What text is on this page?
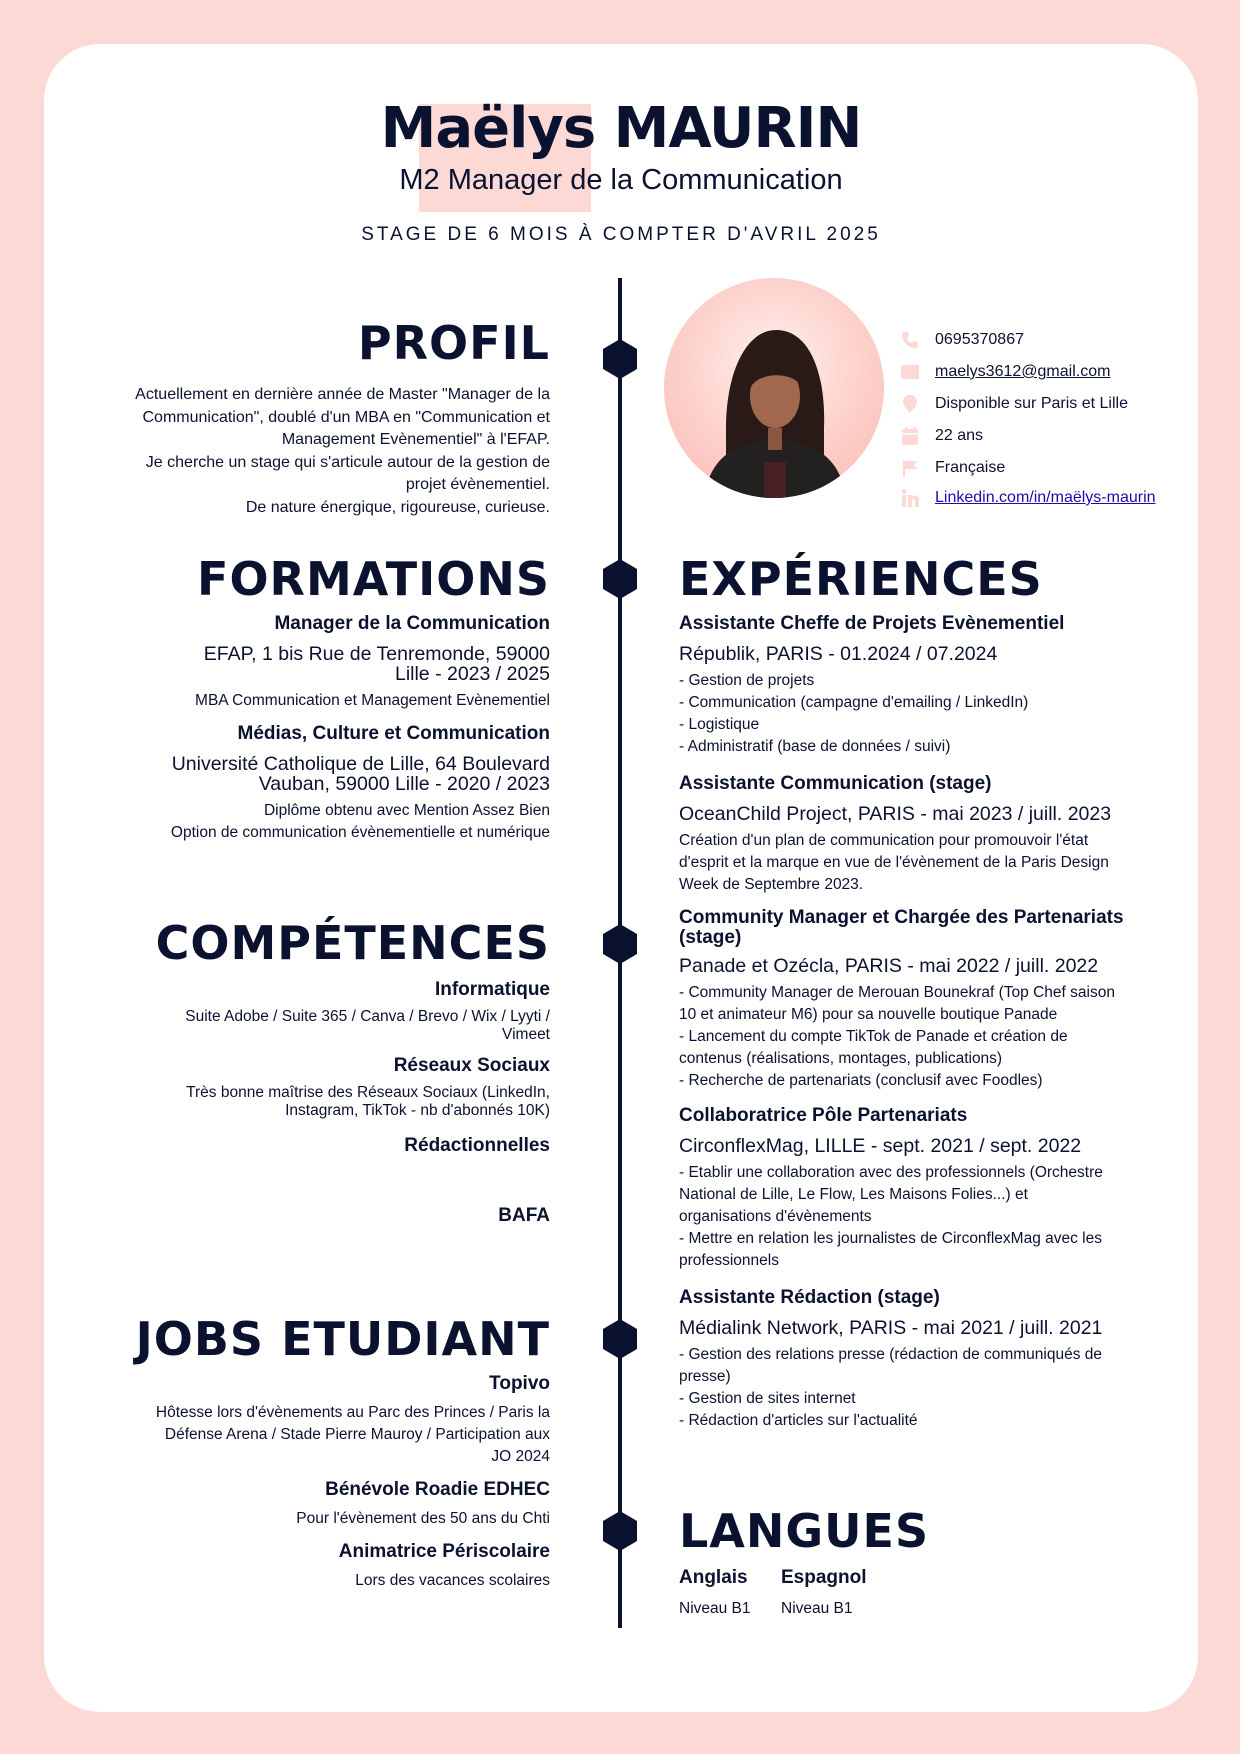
Maëlys MAURIN
M2 Manager de la Communication
STAGE DE 6 MOIS À COMPTER D'AVRIL 2025
0695370867
maelys3612@gmail.com
Disponible sur Paris et Lille
22 ans
Française
Linkedin.com/in/maëlys-maurin
PROFIL
Actuellement en dernière année de Master "Manager de la
Communication", doublé d'un MBA en "Communication et
Management Evènementiel" à l'EFAP.
Je cherche un stage qui s'articule autour de la gestion de
projet évènementiel.
De nature énergique, rigoureuse, curieuse.
FORMATIONS
Manager de la Communication
EFAP, 1 bis Rue de Tenremonde, 59000
Lille - 2023 / 2025
MBA Communication et Management Evènementiel
Médias, Culture et Communication
Université Catholique de Lille, 64 Boulevard
Vauban, 59000 Lille - 2020 / 2023
Diplôme obtenu avec Mention Assez Bien
Option de communication évènementielle et numérique
COMPÉTENCES
Informatique
Suite Adobe / Suite 365 / Canva / Brevo / Wix / Lyyti /
Vimeet
Réseaux Sociaux
Très bonne maîtrise des Réseaux Sociaux (LinkedIn,
Instagram, TikTok - nb d'abonnés 10K)
Rédactionnelles
BAFA
JOBS ETUDIANT
Topivo
Hôtesse lors d'évènements au Parc des Princes / Paris la
Défense Arena / Stade Pierre Mauroy / Participation aux
JO 2024
Bénévole Roadie EDHEC
Pour l'évènement des 50 ans du Chti
Animatrice Périscolaire
Lors des vacances scolaires
EXPÉRIENCES
Assistante Cheffe de Projets Evènementiel
Républik, PARIS - 01.2024 / 07.2024
- Gestion de projets
- Communication (campagne d'emailing / LinkedIn)
- Logistique
- Administratif (base de données / suivi)
Assistante Communication (stage)
OceanChild Project, PARIS - mai 2023 / juill. 2023
Création d'un plan de communication pour promouvoir l'état
d'esprit et la marque en vue de l'évènement de la Paris Design
Week de Septembre 2023.
Community Manager et Chargée des Partenariats (stage)
Panade et Ozécla, PARIS - mai 2022 / juill. 2022
- Community Manager de Merouan Bounekraf (Top Chef saison
10 et animateur M6) pour sa nouvelle boutique Panade
- Lancement du compte TikTok de Panade et création de
contenus (réalisations, montages, publications)
- Recherche de partenariats (conclusif avec Foodles)
Collaboratrice Pôle Partenariats
CirconflexMag, LILLE - sept. 2021 / sept. 2022
- Etablir une collaboration avec des professionnels (Orchestre
National de Lille, Le Flow, Les Maisons Folies...) et
organisations d'évènements
- Mettre en relation les journalistes de CirconflexMag avec les
professionnels
Assistante Rédaction (stage)
Médialink Network, PARIS - mai 2021 / juill. 2021
- Gestion des relations presse (rédaction de communiqués de
presse)
- Gestion de sites internet
- Rédaction d'articles sur l'actualité
LANGUES
Anglais
Niveau B1
Espagnol
Niveau B1
